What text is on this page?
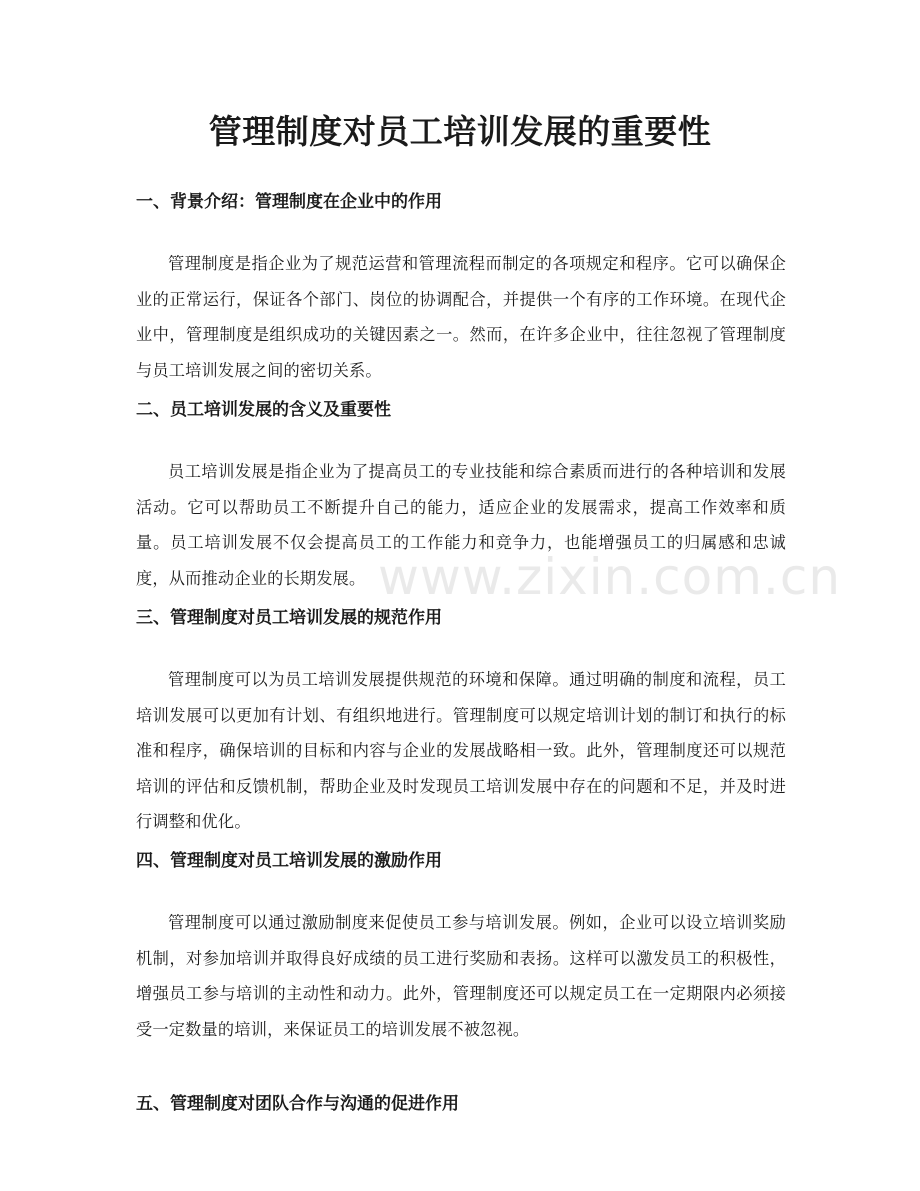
管理制度对员工培训发展的重要性
一、背景介绍：管理制度在企业中的作用

管理制度是指企业为了规范运营和管理流程而制定的各项规定和程序。它可以确保企业的正常运行，保证各个部门、岗位的协调配合，并提供一个有序的工作环境。在现代企业中，管理制度是组织成功的关键因素之一。然而，在许多企业中，往往忽视了管理制度与员工培训发展之间的密切关系。

二、员工培训发展的含义及重要性

员工培训发展是指企业为了提高员工的专业技能和综合素质而进行的各种培训和发展活动。它可以帮助员工不断提升自己的能力，适应企业的发展需求，提高工作效率和质量。员工培训发展不仅会提高员工的工作能力和竞争力，也能增强员工的归属感和忠诚度，从而推动企业的长期发展。

三、管理制度对员工培训发展的规范作用

管理制度可以为员工培训发展提供规范的环境和保障。通过明确的制度和流程，员工培训发展可以更加有计划、有组织地进行。管理制度可以规定培训计划的制订和执行的标准和程序，确保培训的目标和内容与企业的发展战略相一致。此外，管理制度还可以规范培训的评估和反馈机制，帮助企业及时发现员工培训发展中存在的问题和不足，并及时进行调整和优化。

四、管理制度对员工培训发展的激励作用

管理制度可以通过激励制度来促使员工参与培训发展。例如，企业可以设立培训奖励机制，对参加培训并取得良好成绩的员工进行奖励和表扬。这样可以激发员工的积极性，增强员工参与培训的主动性和动力。此外，管理制度还可以规定员工在一定期限内必须接受一定数量的培训，来保证员工的培训发展不被忽视。

五、管理制度对团队合作与沟通的促进作用
www.zixin.com.cn
